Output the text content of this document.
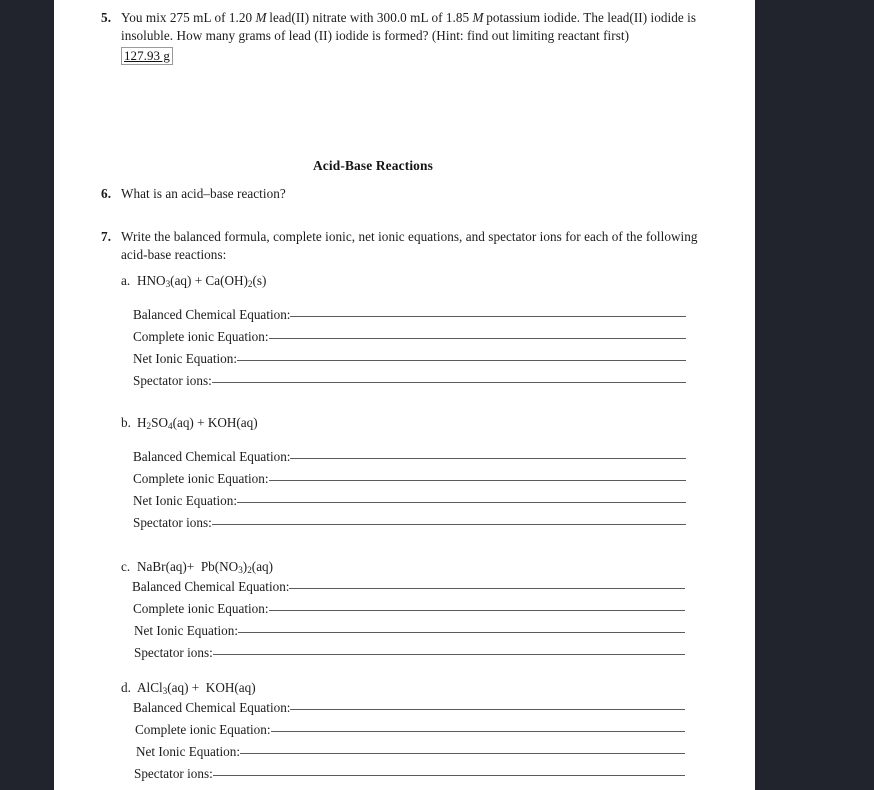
5. You mix 275 mL of 1.20 M lead(II) nitrate with 300.0 mL of 1.85 M potassium iodide. The lead(II) iodide is insoluble. How many grams of lead (II) iodide is formed? (Hint: find out limiting reactant first)
127.93 g
Acid-Base Reactions
6. What is an acid–base reaction?
7. Write the balanced formula, complete ionic, net ionic equations, and spectator ions for each of the following acid-base reactions:
a. $HNO_3(aq) + Ca(OH)_2(s)$
Balanced Chemical Equation:
Complete ionic Equation:
Net Ionic Equation:
Spectator ions:
b. $H_2SO_4(aq) + KOH(aq)$
Balanced Chemical Equation:
Complete ionic Equation:
Net Ionic Equation:
Spectator ions:
c. NaBr(aq)+  $Pb(NO_3)_2(aq)$
Balanced Chemical Equation:
Complete ionic Equation:
Net Ionic Equation:
Spectator ions:
d. AlCl$_3$(aq) +  KOH(aq)
Balanced Chemical Equation:
Complete ionic Equation:
Net Ionic Equation:
Spectator ions:
